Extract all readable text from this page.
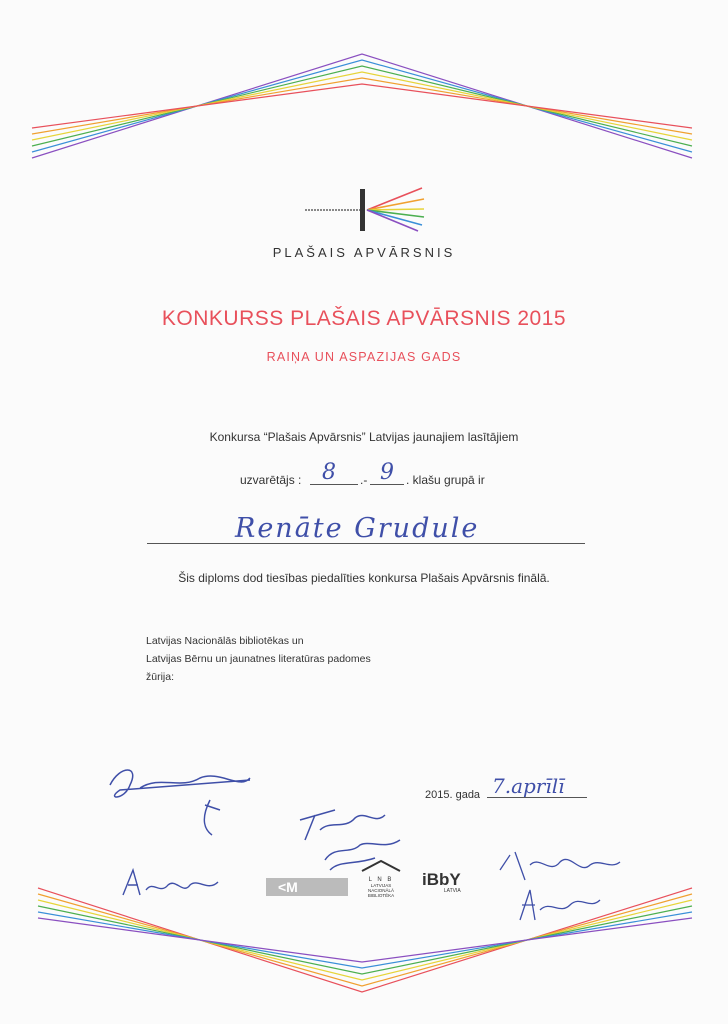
PLAŠAIS APVĀRSNIS
KONKURSS PLAŠAIS APVĀRSNIS 2015
RAIŅA UN ASPAZIJAS GADS
Konkursa “Plašais Apvārsnis” Latvijas jaunajiem lasītājiem
uzvarētājs : 8 .- 9 . klašu grupā ir
Renāte Grudule
Šis diploms dod tiesības piedalīties konkursa Plašais Apvārsnis finālā.
Latvijas Nacionālās bibliotēkas un
Latvijas Bērnu un jaunatnes literatūras padomes
žūrija:
2015. gada 7.aprīlī
<M	L N B
LATVIJAS NACIONĀLĀ BIBLIOTĒKA
iBbY
LATVIA
